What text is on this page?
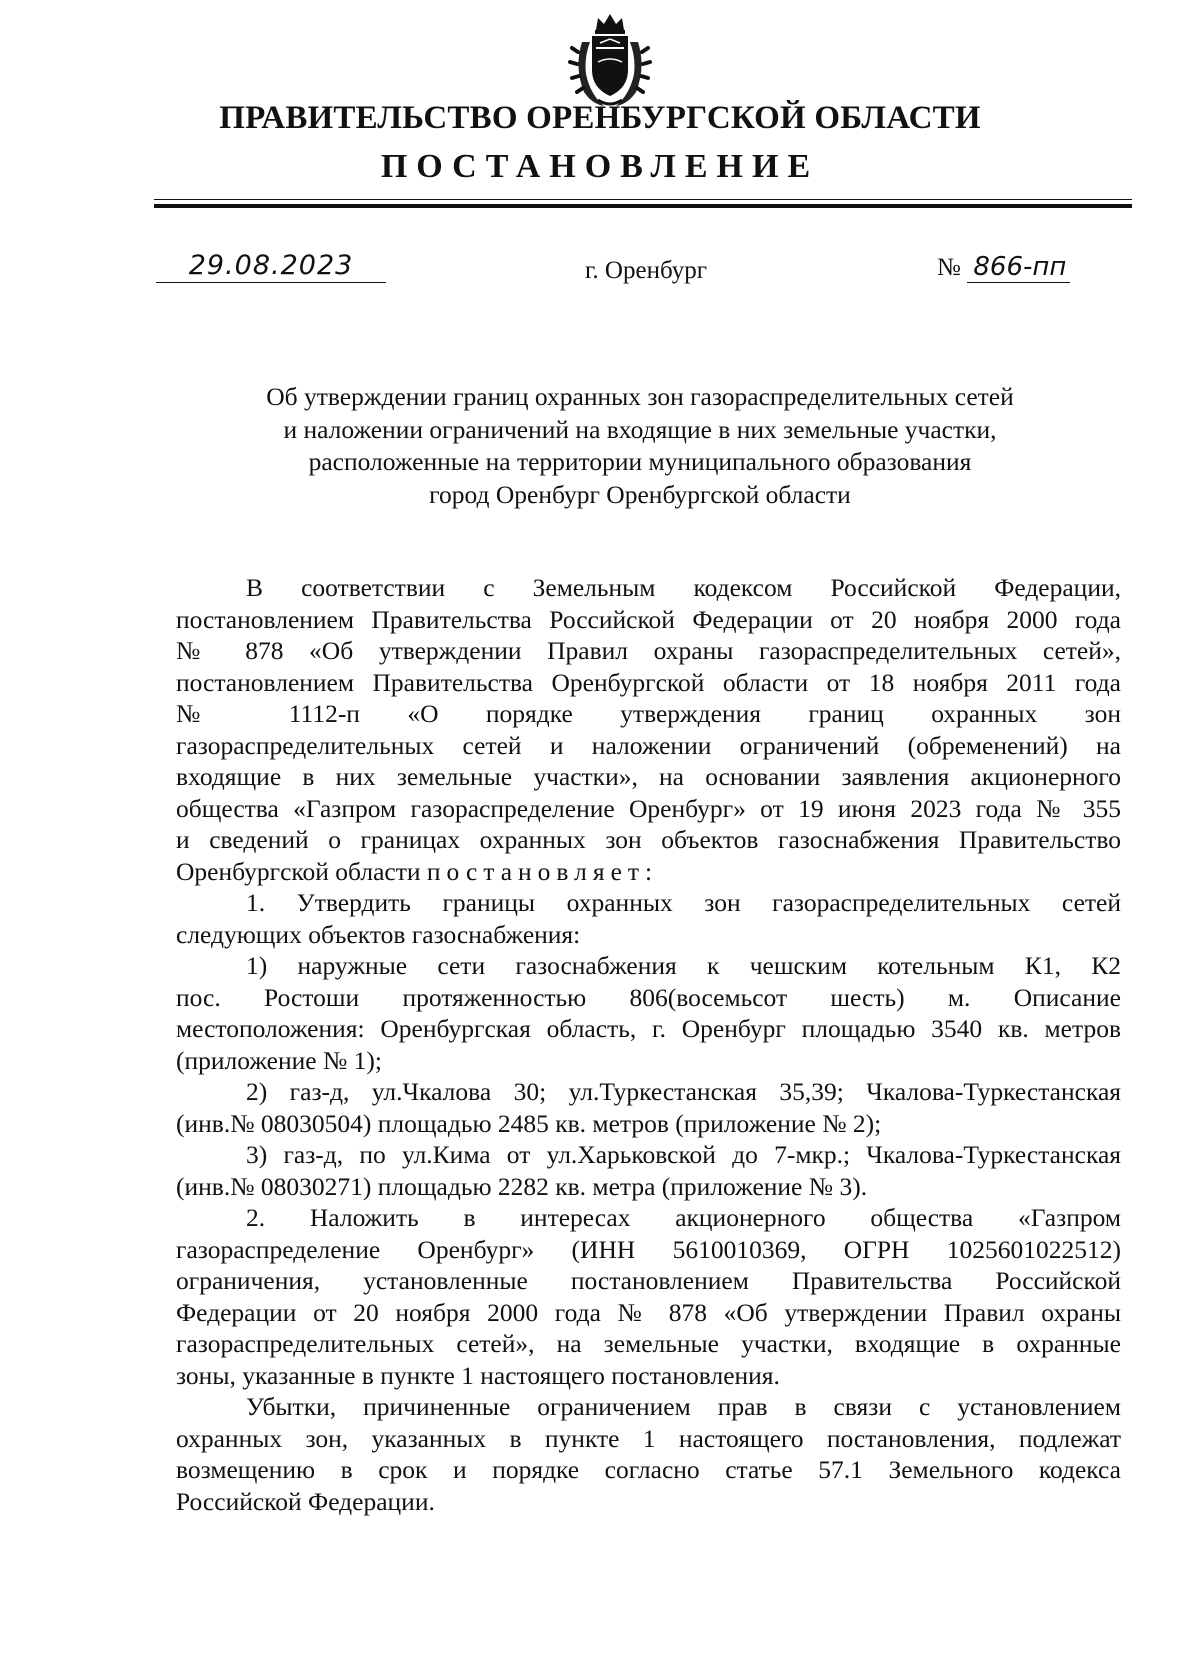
ПРАВИТЕЛЬСТВО ОРЕНБУРГСКОЙ ОБЛАСТИ
ПОСТАНОВЛЕНИЕ
29.08.2023	г. Оренбург	№ 866-пп
Об утверждении границ охранных зон газораспределительных сетей
и наложении ограничений на входящие в них земельные участки,
расположенные на территории муниципального образования
город Оренбург Оренбургской области
В соответствии с Земельным кодексом Российской Федерации,
постановлением Правительства Российской Федерации от 20 ноября 2000 года
№ 878 «Об утверждении Правил охраны газораспределительных сетей»,
постановлением Правительства Оренбургской области от 18 ноября 2011 года
№ 1112-п «О порядке утверждения границ охранных зон
газораспределительных сетей и наложении ограничений (обременений) на
входящие в них земельные участки», на основании заявления акционерного
общества «Газпром газораспределение Оренбург» от 19 июня 2023 года № 355
и сведений о границах охранных зон объектов газоснабжения Правительство
Оренбургской области постановляет:
1. Утвердить границы охранных зон газораспределительных сетей
следующих объектов газоснабжения:
1) наружные сети газоснабжения к чешским котельным К1, К2
пос. Ростоши протяженностью 806(восемьсот шесть) м. Описание
местоположения: Оренбургская область, г. Оренбург площадью 3540 кв. метров
(приложение № 1);
2) газ-д, ул.Чкалова 30; ул.Туркестанская 35,39; Чкалова-Туркестанская
(инв.№ 08030504) площадью 2485 кв. метров (приложение № 2);
3) газ-д, по ул.Кима от ул.Харьковской до 7-мкр.; Чкалова-Туркестанская
(инв.№ 08030271) площадью 2282 кв. метра (приложение № 3).
2. Наложить в интересах акционерного общества «Газпром
газораспределение Оренбург» (ИНН 5610010369, ОГРН 1025601022512)
ограничения, установленные постановлением Правительства Российской
Федерации от 20 ноября 2000 года № 878 «Об утверждении Правил охраны
газораспределительных сетей», на земельные участки, входящие в охранные
зоны, указанные в пункте 1 настоящего постановления.
Убытки, причиненные ограничением прав в связи с установлением
охранных зон, указанных в пункте 1 настоящего постановления, подлежат
возмещению в срок и порядке согласно статье 57.1 Земельного кодекса
Российской Федерации.
